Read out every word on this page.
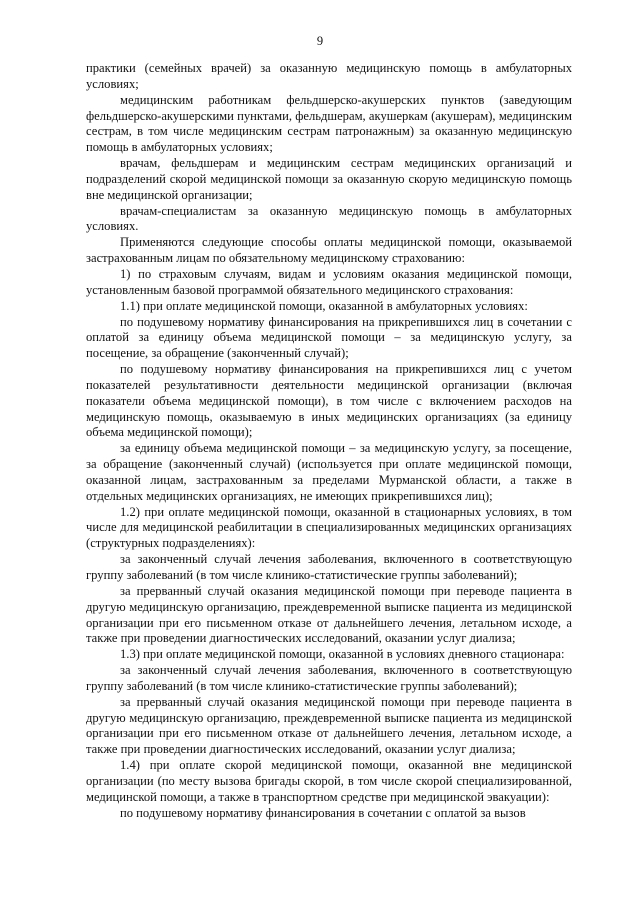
9

практики (семейных врачей) за оказанную медицинскую помощь в амбулаторных условиях;

медицинским работникам фельдшерско-акушерских пунктов (заведующим фельдшерско-акушерскими пунктами, фельдшерам, акушеркам (акушерам), медицинским сестрам, в том числе медицинским сестрам патронажным) за оказанную медицинскую помощь в амбулаторных условиях;

врачам, фельдшерам и медицинским сестрам медицинских организаций и подразделений скорой медицинской помощи за оказанную скорую медицинскую помощь вне медицинской организации;

врачам-специалистам за оказанную медицинскую помощь в амбулаторных условиях.

Применяются следующие способы оплаты медицинской помощи, оказываемой застрахованным лицам по обязательному медицинскому страхованию:

1) по страховым случаям, видам и условиям оказания медицинской помощи, установленным базовой программой обязательного медицинского страхования:

1.1) при оплате медицинской помощи, оказанной в амбулаторных условиях:

по подушевому нормативу финансирования на прикрепившихся лиц в сочетании с оплатой за единицу объема медицинской помощи – за медицинскую услугу, за посещение, за обращение (законченный случай);

по подушевому нормативу финансирования на прикрепившихся лиц с учетом показателей результативности деятельности медицинской организации (включая показатели объема медицинской помощи), в том числе с включением расходов на медицинскую помощь, оказываемую в иных медицинских организациях (за единицу объема медицинской помощи);

за единицу объема медицинской помощи – за медицинскую услугу, за посещение, за обращение (законченный случай) (используется при оплате медицинской помощи, оказанной лицам, застрахованным за пределами Мурманской области, а также в отдельных медицинских организациях, не имеющих прикрепившихся лиц);

1.2) при оплате медицинской помощи, оказанной в стационарных условиях, в том числе для медицинской реабилитации в специализированных медицинских организациях (структурных подразделениях):

за законченный случай лечения заболевания, включенного в соответствующую группу заболеваний (в том числе клинико-статистические группы заболеваний);

за прерванный случай оказания медицинской помощи при переводе пациента в другую медицинскую организацию, преждевременной выписке пациента из медицинской организации при его письменном отказе от дальнейшего лечения, летальном исходе, а также при проведении диагностических исследований, оказании услуг диализа;

1.3) при оплате медицинской помощи, оказанной в условиях дневного стационара:

за законченный случай лечения заболевания, включенного в соответствующую группу заболеваний (в том числе клинико-статистические группы заболеваний);

за прерванный случай оказания медицинской помощи при переводе пациента в другую медицинскую организацию, преждевременной выписке пациента из медицинской организации при его письменном отказе от дальнейшего лечения, летальном исходе, а также при проведении диагностических исследований, оказании услуг диализа;

1.4) при оплате скорой медицинской помощи, оказанной вне медицинской организации (по месту вызова бригады скорой, в том числе скорой специализированной, медицинской помощи, а также в транспортном средстве при медицинской эвакуации):

по подушевому нормативу финансирования в сочетании с оплатой за вызов
